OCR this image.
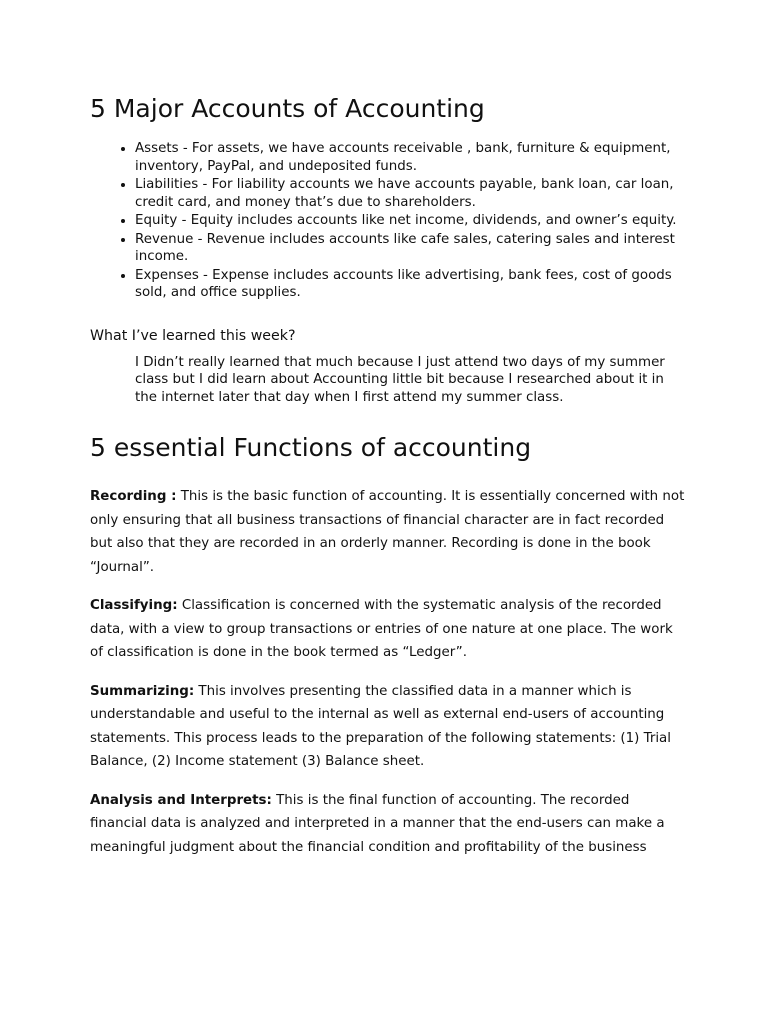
5 Major Accounts of Accounting
• Assets - For assets, we have accounts receivable , bank, furniture & equipment, inventory, PayPal, and undeposited funds.
• Liabilities - For liability accounts we have accounts payable, bank loan, car loan, credit card, and money that’s due to shareholders.
• Equity - Equity includes accounts like net income, dividends, and owner’s equity.
• Revenue - Revenue includes accounts like cafe sales, catering sales and interest income.
• Expenses - Expense includes accounts like advertising, bank fees, cost of goods sold, and office supplies.

What I’ve learned this week?

I Didn’t really learned that much because I just attend two days of my summer class but I did learn about Accounting little bit because I researched about it in the internet later that day when I first attend my summer class.

5 essential Functions of accounting

Recording : This is the basic function of accounting. It is essentially concerned with not only ensuring that all business transactions of financial character are in fact recorded but also that they are recorded in an orderly manner. Recording is done in the book “Journal”.

Classifying: Classification is concerned with the systematic analysis of the recorded data, with a view to group transactions or entries of one nature at one place. The work of classification is done in the book termed as “Ledger”.

Summarizing: This involves presenting the classified data in a manner which is understandable and useful to the internal as well as external end-users of accounting statements. This process leads to the preparation of the following statements: (1) Trial Balance, (2) Income statement (3) Balance sheet.

Analysis and Interprets: This is the final function of accounting. The recorded financial data is analyzed and interpreted in a manner that the end-users can make a meaningful judgment about the financial condition and profitability of the business
